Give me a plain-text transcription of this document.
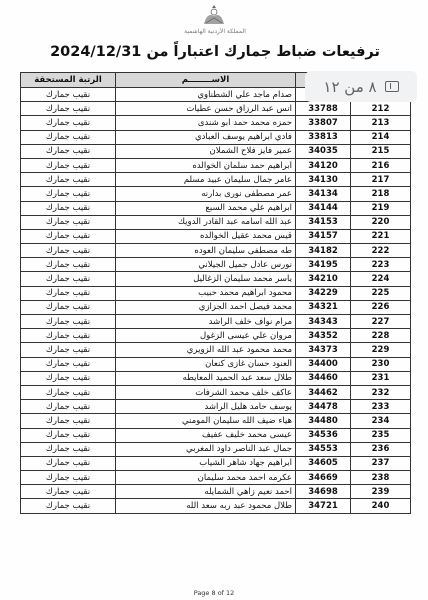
المملكة الأردنية الهاشمية
ترفيعات ضباط جمارك اعتباراً من 2024/12/31
الرتبة المستحقة	الاســــــــم		
نقيب جمارك	صدام ماجد علي الشطناوي		
نقيب جمارك	انس عبد الرزاق حسن عطيات	33788	212
نقيب جمارك	حمزه محمد حمد ابو شندى	33807	213
نقيب جمارك	فادي ابراهيم يوسف العبادي	33813	214
نقيب جمارك	عمير فايز فلاح الشملان	34035	215
نقيب جمارك	ابراهيم حمد سلمان الخوالده	34120	216
نقيب جمارك	عامر جمال سليمان عبيد مسلم	34130	217
نقيب جمارك	عمر مصطفى نورى بدارنه	34134	218
نقيب جمارك	ابراهيم علي محمد السبع	34144	219
نقيب جمارك	عبد الله اسامه عبد القادر الدويك	34153	220
نقيب جمارك	قيس محمد عقيل الخوالده	34157	221
نقيب جمارك	طه مصطفى سليمان العوده	34182	222
نقيب جمارك	نورس عادل جميل الجيلاني	34195	223
نقيب جمارك	ياسر محمد سليمان الزغاليل	34210	224
نقيب جمارك	محمود ابراهيم محمد حبيب	34229	225
نقيب جمارك	محمد فيصل احمد الجزازي	34321	226
نقيب جمارك	مرام نواف خلف الراشد	34343	227
نقيب جمارك	مروان علي عيسى الزغول	34352	228
نقيب جمارك	محمد محمود عبد الله الزويري	34373	229
نقيب جمارك	العنود حسان غازى كنعان	34400	230
نقيب جمارك	طلال سعد عبد الحميد المعايطه	34460	231
نقيب جمارك	عاكف خلف محمد الشرفات	34462	232
نقيب جمارك	يوسف حامد هليل الراشد	34478	233
نقيب جمارك	هياء ضيف الله سليمان المومني	34480	234
نقيب جمارك	عيسى محمد خليف عفيف	34536	235
نقيب جمارك	جمال عبد الناصر داود المغربي	34553	236
نقيب جمارك	ابراهيم جهاد شاهر الشياب	34605	237
نقيب جمارك	عكرمه احمد محمد سليمان	34669	238
نقيب جمارك	احمد نعيم زاهي الشمايله	34698	239
نقيب جمارك	طلال محمود عبد ربه سعد الله	34721	240
٨ من ١٢
Page 8 of 12
